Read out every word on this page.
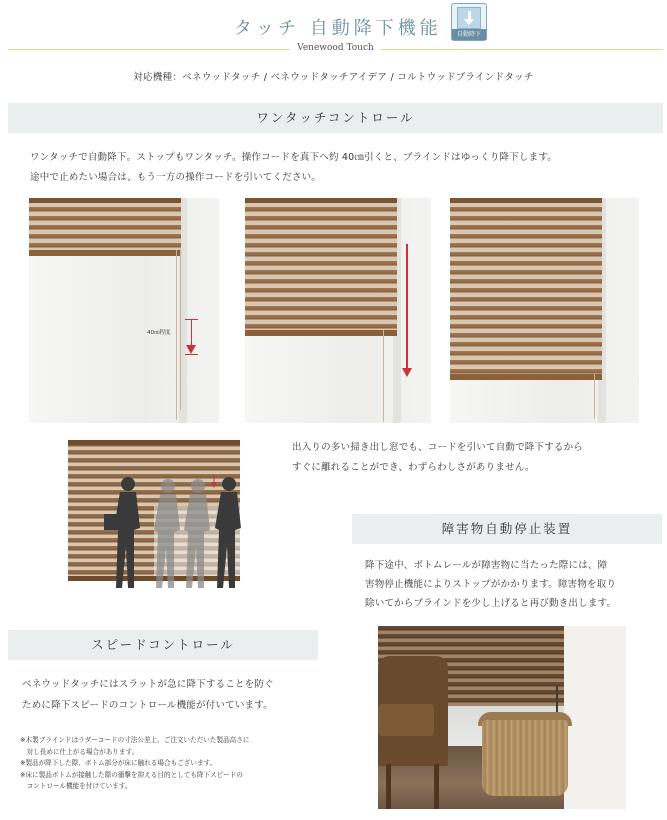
タッチ 自動降下機能	自動降下
Venewood Touch
対応機種：ベネウッドタッチ / ベネウッドタッチアイデア / コルトウッドブラインドタッチ
ワンタッチコントロール
ワンタッチで自動降下。ストップもワンタッチ。操作コードを真下へ約 40㎝引くと、ブラインドはゆっくり降下します。
途中で止めたい場合は、もう一方の操作コードを引いてください。
40㎝程度
出入りの多い掃き出し窓でも、コードを引いて自動で降下するから
すぐに離れることができ、わずらわしさがありません。
障害物自動停止装置
降下途中、ボトムレールが障害物に当たった際には、障
害物停止機能によりストップがかかります。障害物を取り
除いてからブラインドを少し上げると再び動き出します。
スピードコントロール
ベネウッドタッチにはスラットが急に降下することを防ぐ
ために降下スピードのコントロール機能が付いています。
※木製ブラインドはラダーコードの寸法公差上、ご注文いただいた製品高さに
　対し長めに仕上がる場合があります。
※製品が降下した際、ボトム部分が床に触れる場合もございます。
※床に製品ボトムが接触した際の衝撃を抑える目的としても降下スピードの
　コントロール機能を付けています。
